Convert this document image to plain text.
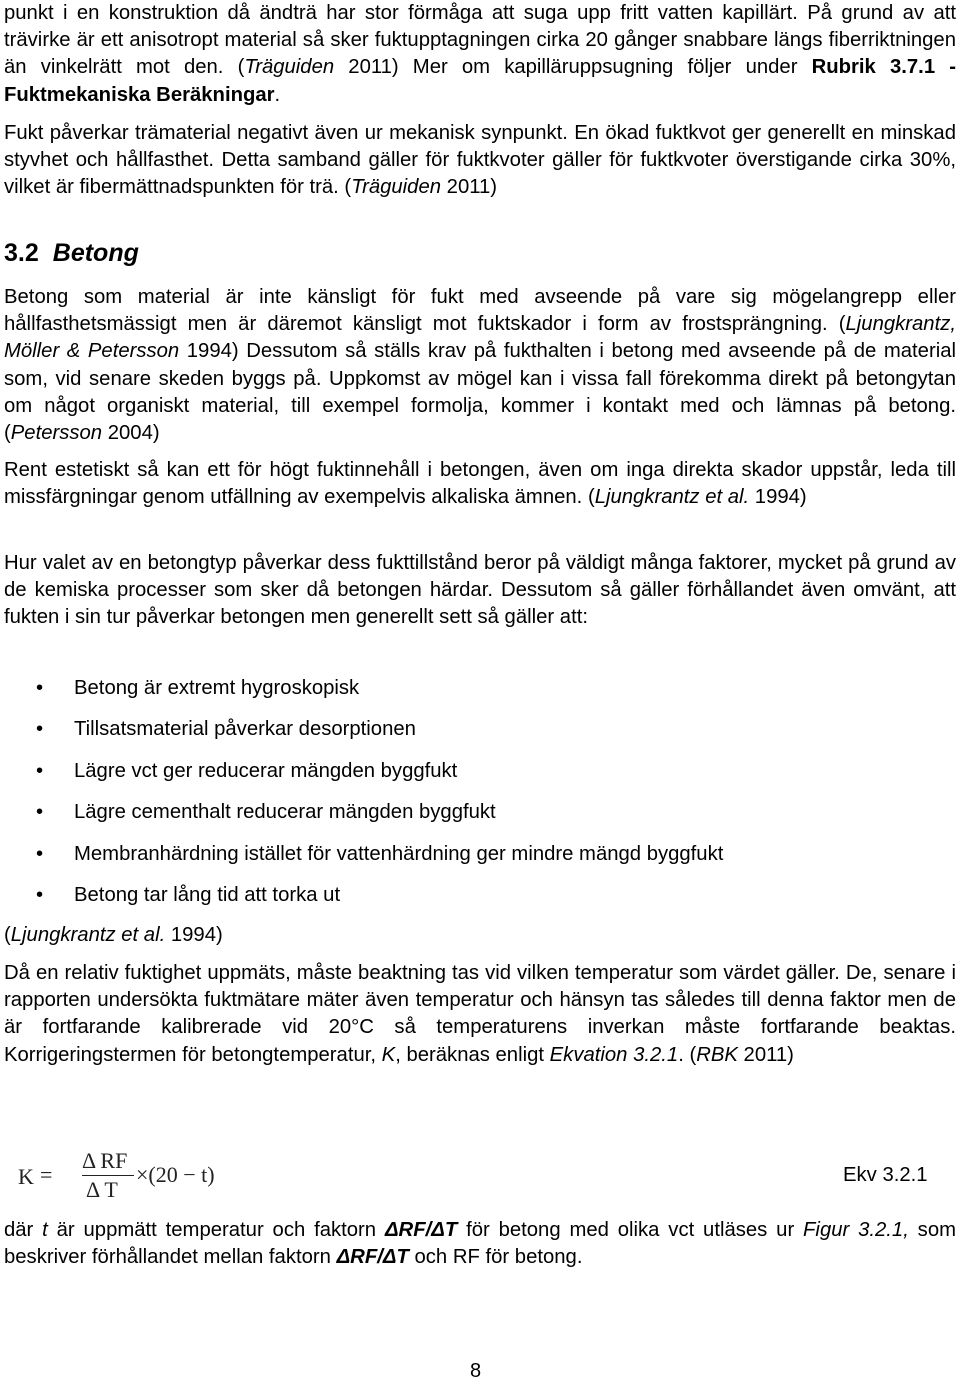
punkt i en konstruktion då ändträ har stor förmåga att suga upp fritt vatten kapillärt. På grund av att trävirke är ett anisotropt material så sker fuktupptagningen cirka 20 gånger snabbare längs fiberriktningen än vinkelrätt mot den. (Träguiden 2011) Mer om kapilläruppsugning följer under Rubrik 3.7.1 - Fuktmekaniska Beräkningar.

Fukt påverkar trämaterial negativt även ur mekanisk synpunkt. En ökad fuktkvot ger generellt en minskad styvhet och hållfasthet. Detta samband gäller för fuktkvoter gäller för fuktkvoter överstigande cirka 30%, vilket är fibermättnadspunkten för trä. (Träguiden 2011)

3.2 Betong

Betong som material är inte känsligt för fukt med avseende på vare sig mögelangrepp eller hållfasthetsmässigt men är däremot känsligt mot fuktskador i form av frostsprängning. (Ljungkrantz, Möller & Petersson 1994) Dessutom så ställs krav på fukthalten i betong med avseende på de material som, vid senare skeden byggs på. Uppkomst av mögel kan i vissa fall förekomma direkt på betongytan om något organiskt material, till exempel formolja, kommer i kontakt med och lämnas på betong. (Petersson 2004)

Rent estetiskt så kan ett för högt fuktinnehåll i betongen, även om inga direkta skador uppstår, leda till missfärgningar genom utfällning av exempelvis alkaliska ämnen. (Ljungkrantz et al. 1994)

Hur valet av en betongtyp påverkar dess fukttillstånd beror på väldigt många faktorer, mycket på grund av de kemiska processer som sker då betongen härdar. Dessutom så gäller förhållandet även omvänt, att fukten i sin tur påverkar betongen men generellt sett så gäller att:

• Betong är extremt hygroskopisk
• Tillsatsmaterial påverkar desorptionen
• Lägre vct ger reducerar mängden byggfukt
• Lägre cementhalt reducerar mängden byggfukt
• Membranhärdning istället för vattenhärdning ger mindre mängd byggfukt
• Betong tar lång tid att torka ut

(Ljungkrantz et al. 1994)

Då en relativ fuktighet uppmäts, måste beaktning tas vid vilken temperatur som värdet gäller. De, senare i rapporten undersökta fuktmätare mäter även temperatur och hänsyn tas således till denna faktor men de är fortfarande kalibrerade vid 20°C så temperaturens inverkan måste fortfarande beaktas. Korrigeringstermen för betongtemperatur, K, beräknas enligt Ekvation 3.2.1. (RBK 2011)

där t är uppmätt temperatur och faktorn ΔRF/ΔT för betong med olika vct utläses ur Figur 3.2.1, som beskriver förhållandet mellan faktorn ΔRF/ΔT och RF för betong.

K =
Δ RF
Δ T
×(20 − t)	Ekv 3.2.1
8
